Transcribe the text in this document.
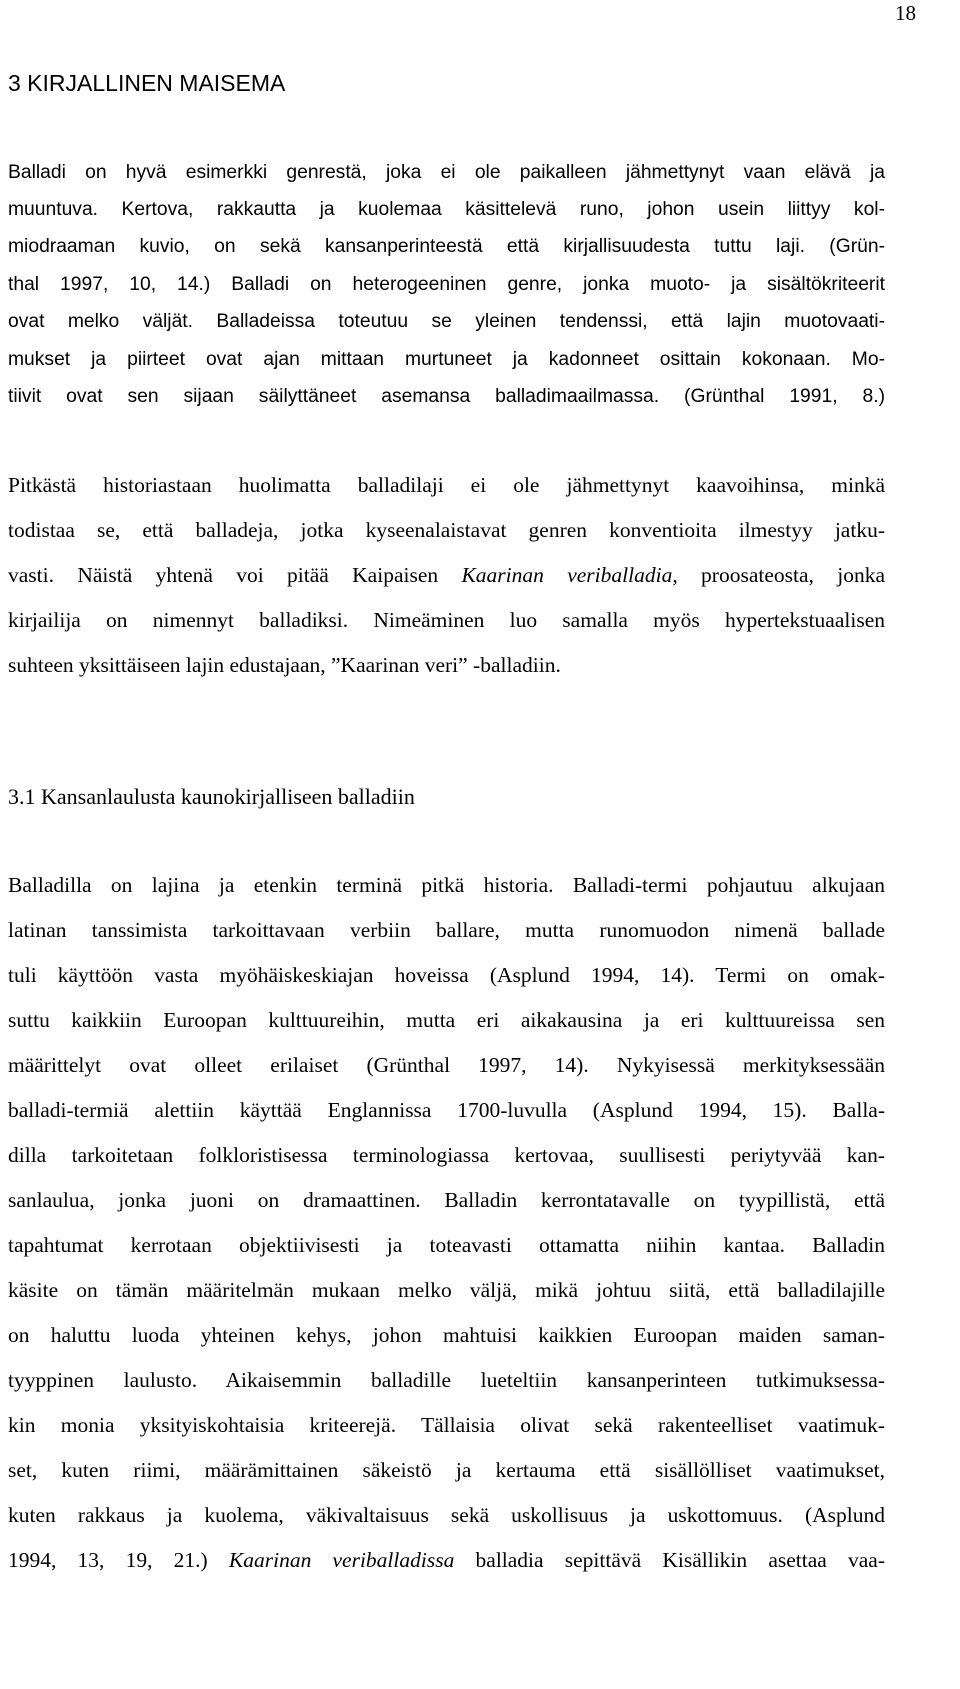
18
3 KIRJALLINEN MAISEMA
Balladi on hyvä esimerkki genrestä, joka ei ole paikalleen jähmettynyt vaan elävä ja
muuntuva. Kertova, rakkautta ja kuolemaa käsittelevä runo, johon usein liittyy kol-
miodraaman kuvio, on sekä kansanperinteestä että kirjallisuudesta tuttu laji. (Grün-
thal 1997, 10, 14.) Balladi on heterogeeninen genre, jonka muoto- ja sisältökriteerit
ovat melko väljät. Balladeissa toteutuu se yleinen tendenssi, että lajin muotovaati-
mukset ja piirteet ovat ajan mittaan murtuneet ja kadonneet osittain kokonaan. Mo-
tiivit ovat sen sijaan säilyttäneet asemansa balladimaailmassa. (Grünthal 1991, 8.)
Pitkästä historiastaan huolimatta balladilaji ei ole jähmettynyt kaavoihinsa, minkä
todistaa se, että balladeja, jotka kyseenalaistavat genren konventioita ilmestyy jatku-
vasti. Näistä yhtenä voi pitää Kaipaisen Kaarinan veriballadia, proosateosta, jonka
kirjailija on nimennyt balladiksi. Nimeäminen luo samalla myös hypertekstuaalisen
suhteen yksittäiseen lajin edustajaan, ”Kaarinan veri” -balladiin.
3.1 Kansanlaulusta kaunokirjalliseen balladiin
Balladilla on lajina ja etenkin terminä pitkä historia. Balladi-termi pohjautuu alkujaan
latinan tanssimista tarkoittavaan verbiin ballare, mutta runomuodon nimenä ballade
tuli käyttöön vasta myöhäiskeskiajan hoveissa (Asplund 1994, 14). Termi on omak-
suttu kaikkiin Euroopan kulttuureihin, mutta eri aikakausina ja eri kulttuureissa sen
määrittelyt ovat olleet erilaiset (Grünthal 1997, 14). Nykyisessä merkityksessään
balladi-termiä alettiin käyttää Englannissa 1700-luvulla (Asplund 1994, 15). Balla-
dilla tarkoitetaan folkloristisessa terminologiassa kertovaa, suullisesti periytyvää kan-
sanlaulua, jonka juoni on dramaattinen. Balladin kerrontatavalle on tyypillistä, että
tapahtumat kerrotaan objektiivisesti ja toteavasti ottamatta niihin kantaa. Balladin
käsite on tämän määritelmän mukaan melko väljä, mikä johtuu siitä, että balladilajille
on haluttu luoda yhteinen kehys, johon mahtuisi kaikkien Euroopan maiden saman-
tyyppinen laulusto. Aikaisemmin balladille lueteltiin kansanperinteen tutkimuksessa-
kin monia yksityiskohtaisia kriteerejä. Tällaisia olivat sekä rakenteelliset vaatimuk-
set, kuten riimi, määrämittainen säkeistö ja kertauma että sisällölliset vaatimukset,
kuten rakkaus ja kuolema, väkivaltaisuus sekä uskollisuus ja uskottomuus. (Asplund
1994, 13, 19, 21.) Kaarinan veriballadissa balladia sepittävä Kisällikin asettaa vaa-
